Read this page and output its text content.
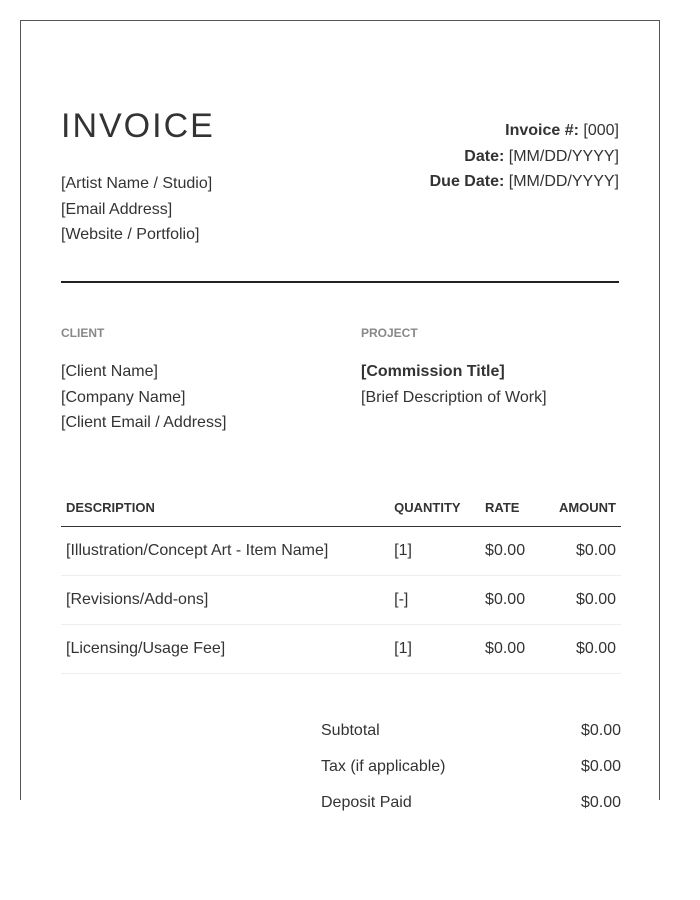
INVOICE
[Artist Name / Studio]
[Email Address]
[Website / Portfolio]
Invoice #: [000]
Date: [MM/DD/YYYY]
Due Date: [MM/DD/YYYY]
CLIENT	PROJECT
[Client Name]
[Company Name]
[Client Email / Address]
[Commission Title]
[Brief Description of Work]
DESCRIPTION	QUANTITY	RATE	AMOUNT
[Illustration/Concept Art - Item Name]	[1]	$0.00	$0.00
[Revisions/Add-ons]	[-]	$0.00	$0.00
[Licensing/Usage Fee]	[1]	$0.00	$0.00
Subtotal	$0.00
Tax (if applicable)	$0.00
Deposit Paid	$0.00
